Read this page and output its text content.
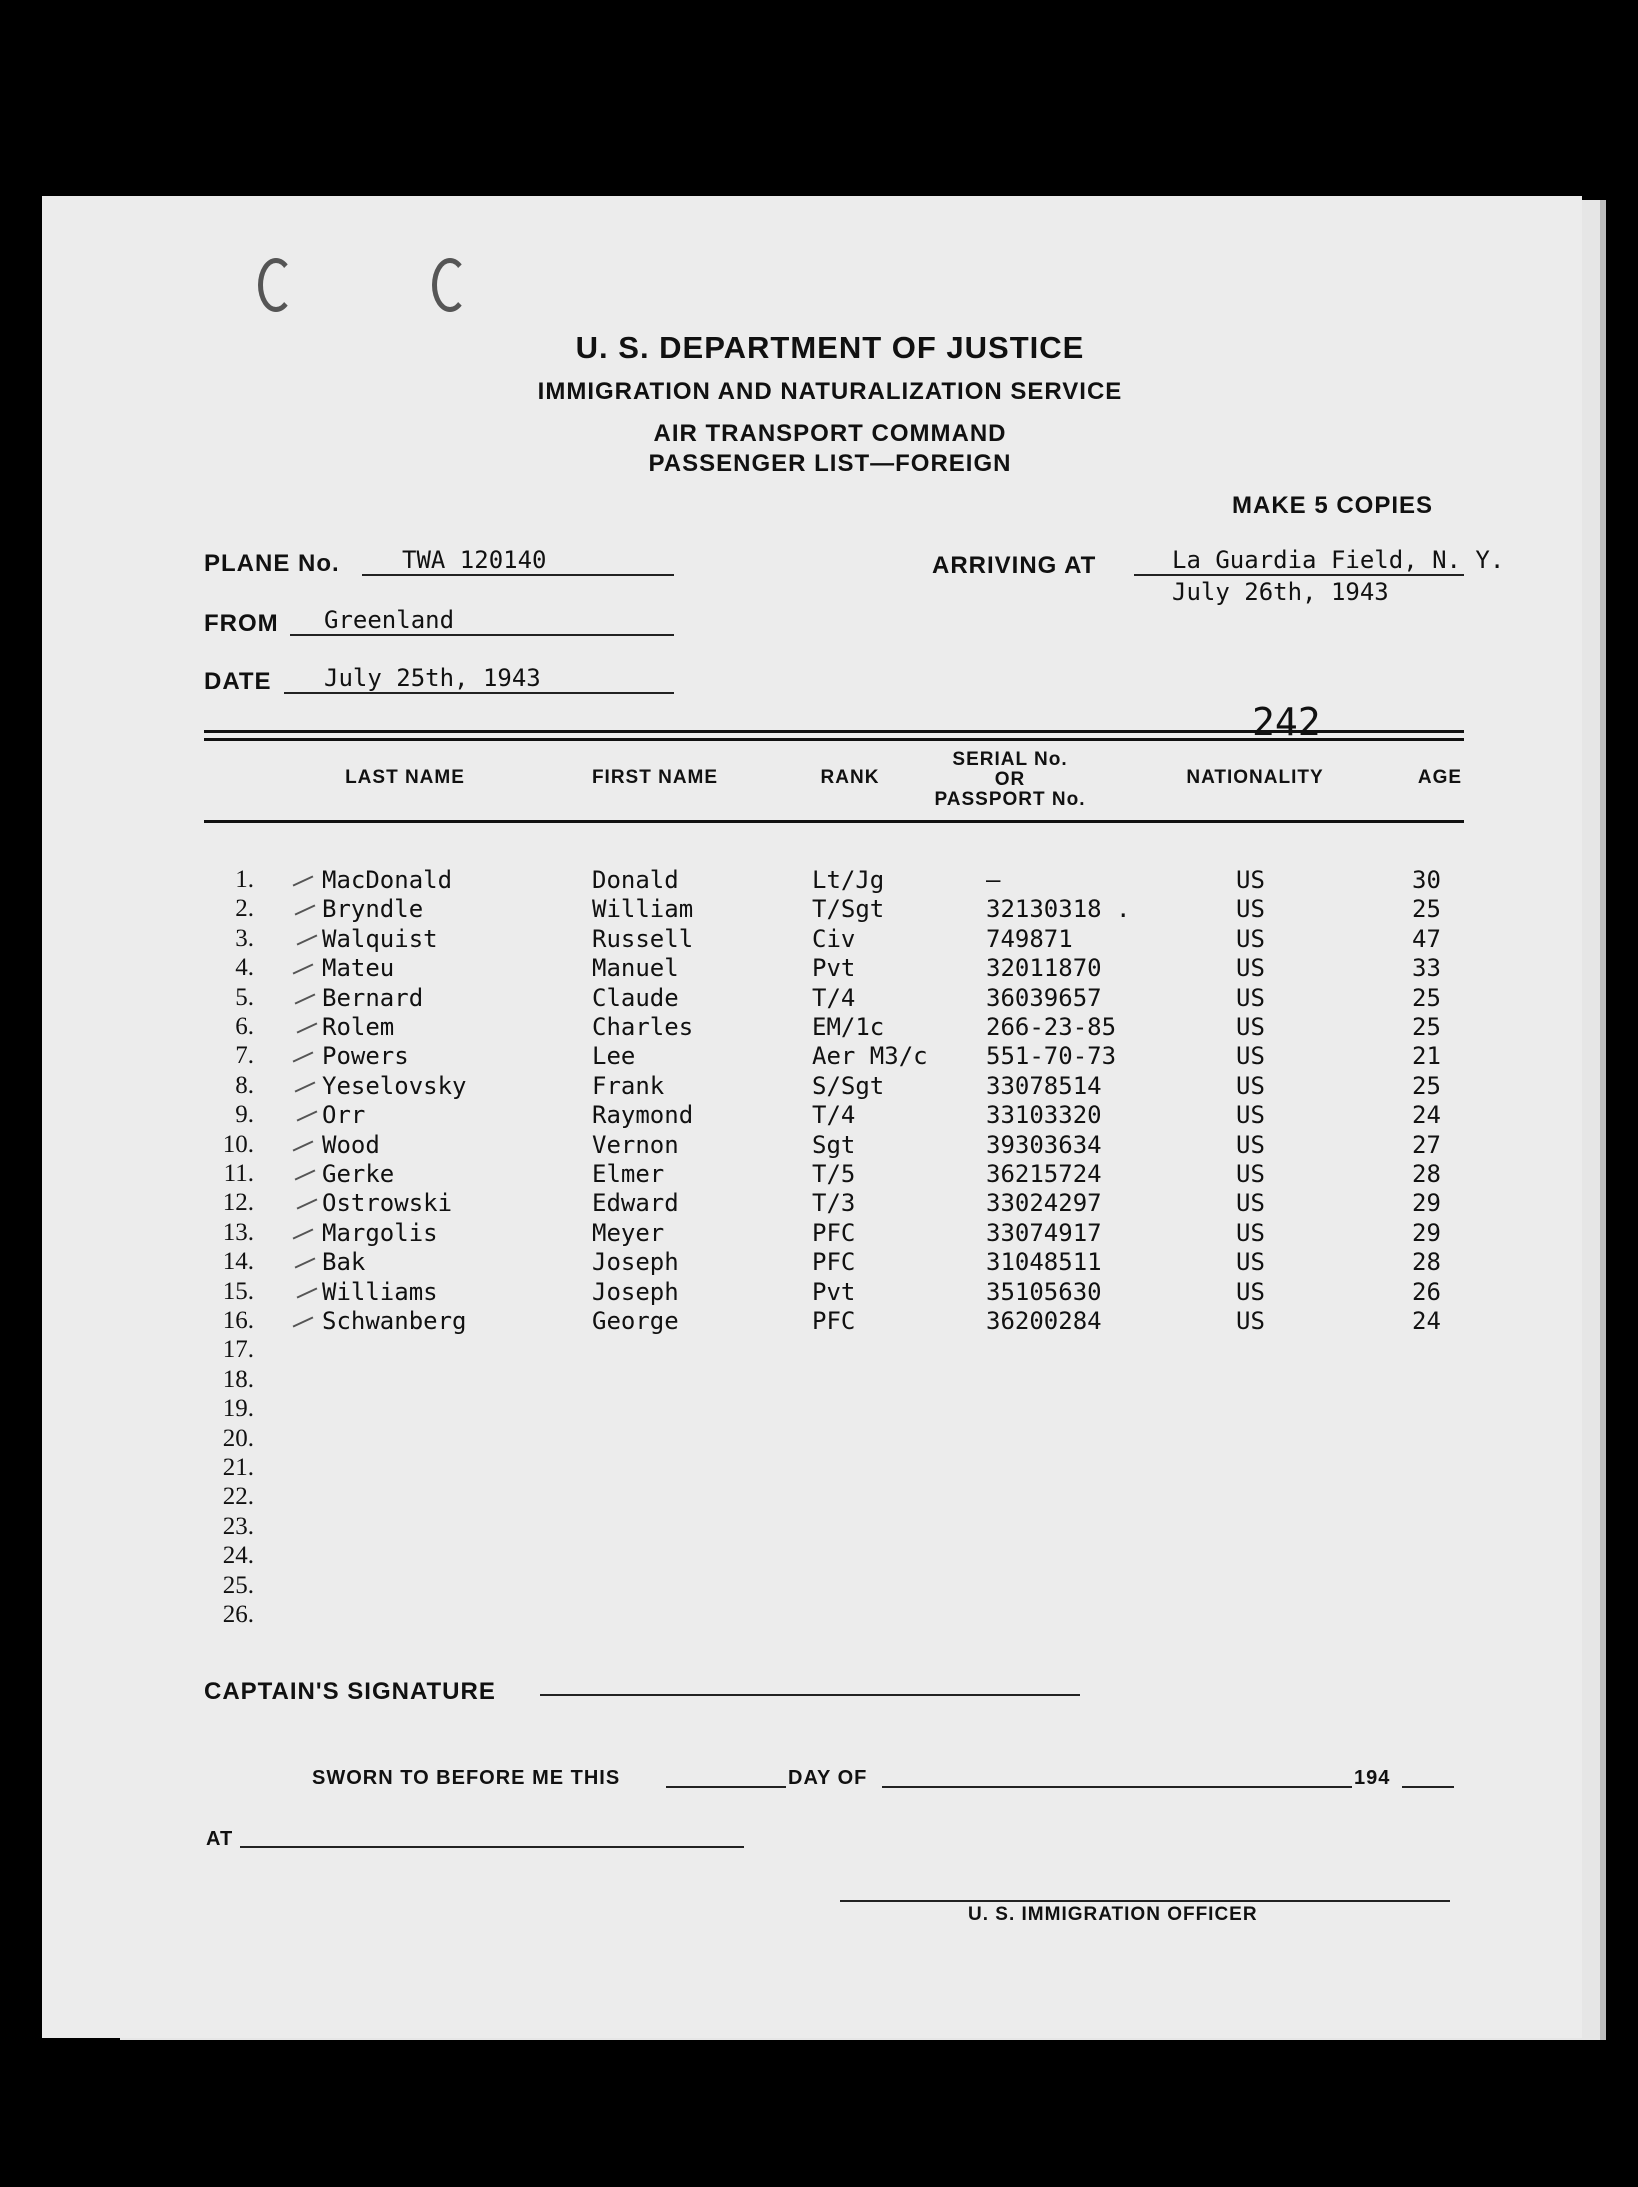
U. S. DEPARTMENT OF JUSTICE
IMMIGRATION AND NATURALIZATION SERVICE
AIR TRANSPORT COMMAND
PASSENGER LIST—FOREIGN
MAKE 5 COPIES
PLANE No.	TWA 120140
FROM Greenland
DATE July 25th, 1943
ARRIVING AT	La Guardia Field, N. Y.
July 26th, 1943
242
LAST NAME	FIRST NAME	RANK
SERIAL No.
OR
PASSPORT No.
NATIONALITY	AGE
1.	MacDonald	Donald	Lt/Jg	—	US	30
2.	Bryndle	William	T/Sgt	32130318 .	US	25
3.	Walquist	Russell	Civ	749871	US	47
4.	Mateu	Manuel	Pvt	32011870	US	33
5.	Bernard	Claude	T/4	36039657	US	25
6.	Rolem	Charles	EM/1c	266-23-85	US	25
7.	Powers	Lee	Aer M3/c 551-70-73	US	21
8.	Yeselovsky	Frank	S/Sgt	33078514	US	25
9.	Orr	Raymond	T/4	33103320	US	24
10.	Wood	Vernon	Sgt	39303634	US	27
11.	Gerke	Elmer	T/5	36215724	US	28
12.	Ostrowski	Edward	T/3	33024297	US	29
13.	Margolis	Meyer	PFC	33074917	US	29
14.	Bak	Joseph	PFC	31048511	US	28
15.	Williams	Joseph	Pvt	35105630	US	26
16.	Schwanberg	George	PFC	36200284	US	24
17.
18.
19.
20.
21.
22.
23.
24.
25.
26.
CAPTAIN'S SIGNATURE
SWORN TO BEFORE ME THIS	DAY OF	194
AT
U. S. IMMIGRATION OFFICER
